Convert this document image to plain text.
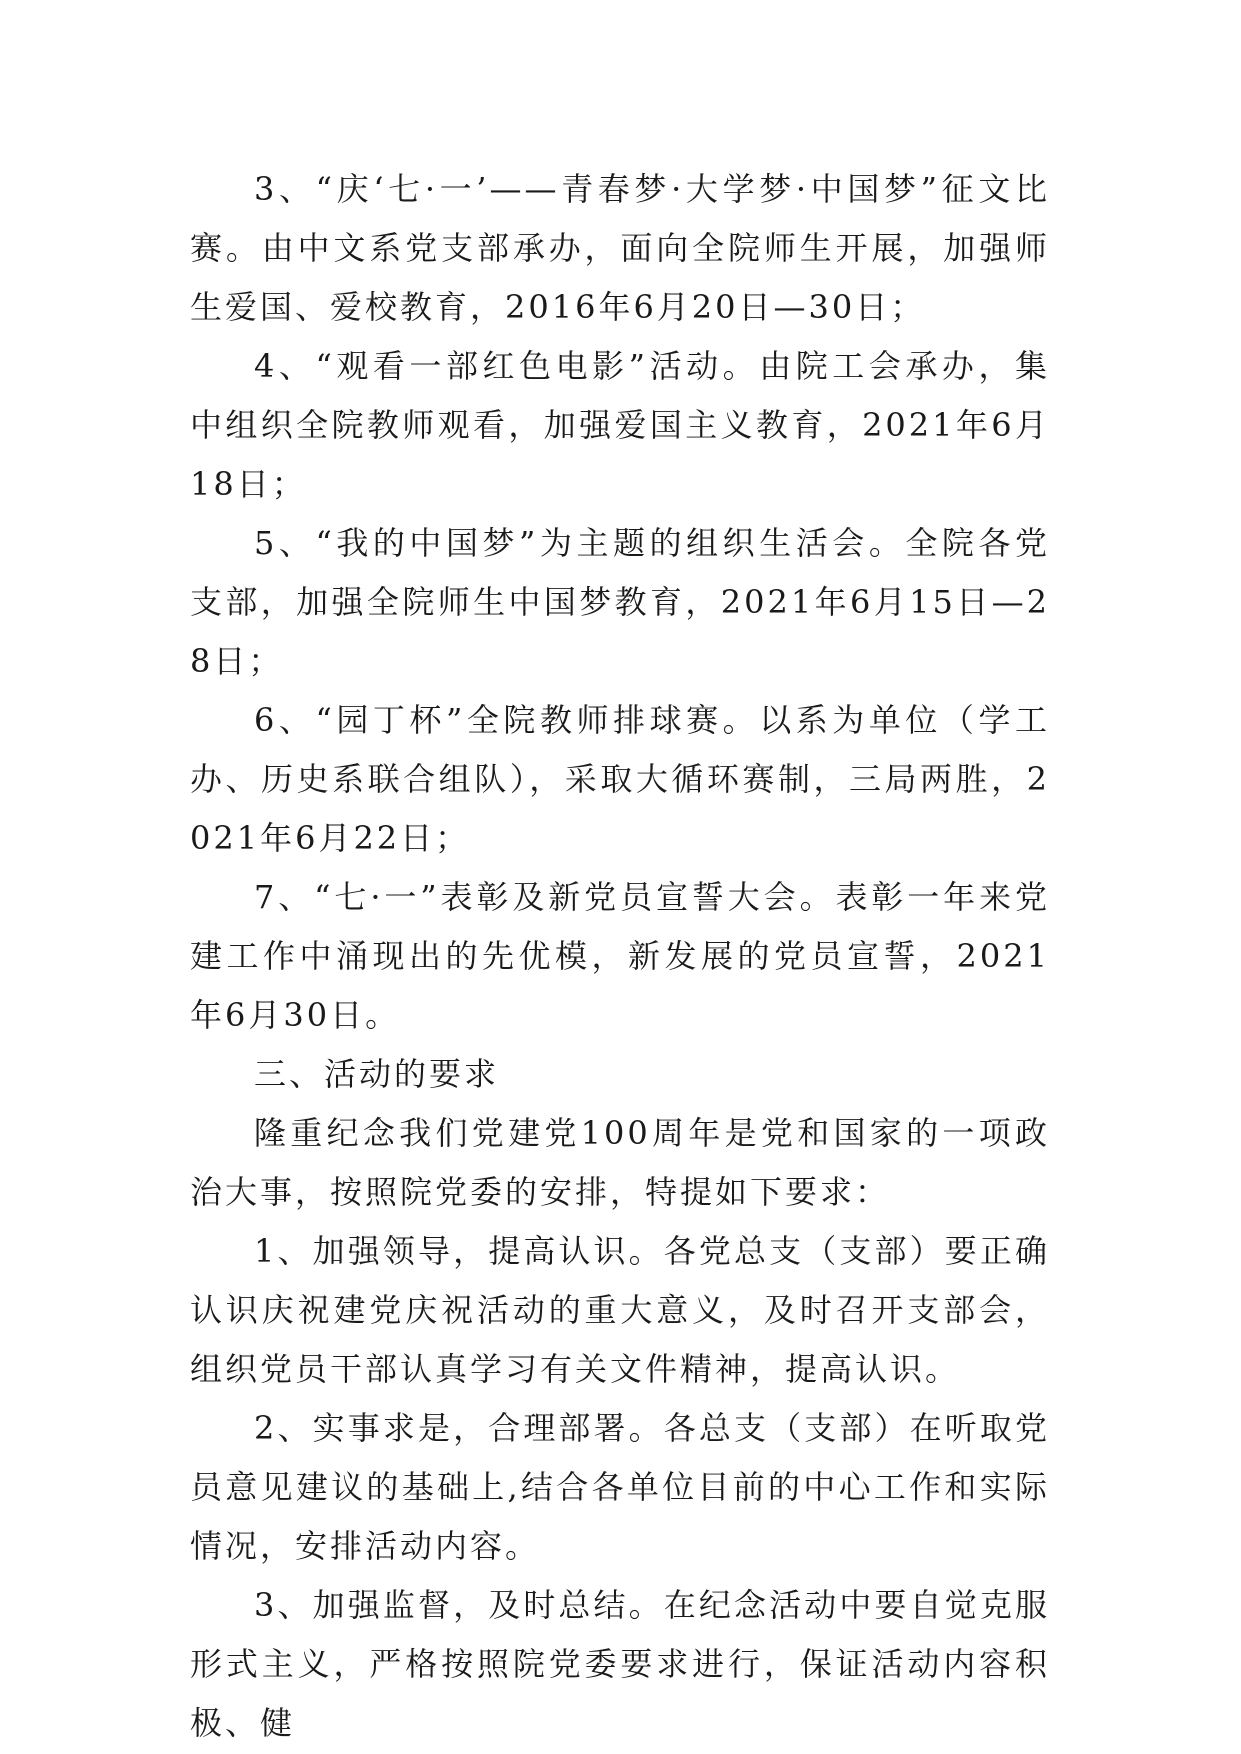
3、“庆‘七·一’——青春梦·大学梦·中国梦”征文比赛。由中文系党支部承办，面向全院师生开展，加强师生爱国、爱校教育，2016年6月20日—30日；

4、“观看一部红色电影”活动。由院工会承办，集中组织全院教师观看，加强爱国主义教育，2021年6月18日；

5、“我的中国梦”为主题的组织生活会。全院各党支部，加强全院师生中国梦教育，2021年6月15日—28日；

6、“园丁杯”全院教师排球赛。以系为单位（学工办、历史系联合组队），采取大循环赛制，三局两胜，2021年6月22日；

7、“七·一”表彰及新党员宣誓大会。表彰一年来党建工作中涌现出的先优模，新发展的党员宣誓，2021年6月30日。

三、活动的要求

隆重纪念我们党建党100周年是党和国家的一项政治大事，按照院党委的安排，特提如下要求：

1、加强领导，提高认识。各党总支（支部）要正确认识庆祝建党庆祝活动的重大意义，及时召开支部会，组织党员干部认真学习有关文件精神，提高认识。

2、实事求是，合理部署。各总支（支部）在听取党员意见建议的基础上,结合各单位目前的中心工作和实际情况，安排活动内容。

3、加强监督，及时总结。在纪念活动中要自觉克服形式主义，严格按照院党委要求进行，保证活动内容积极、健
